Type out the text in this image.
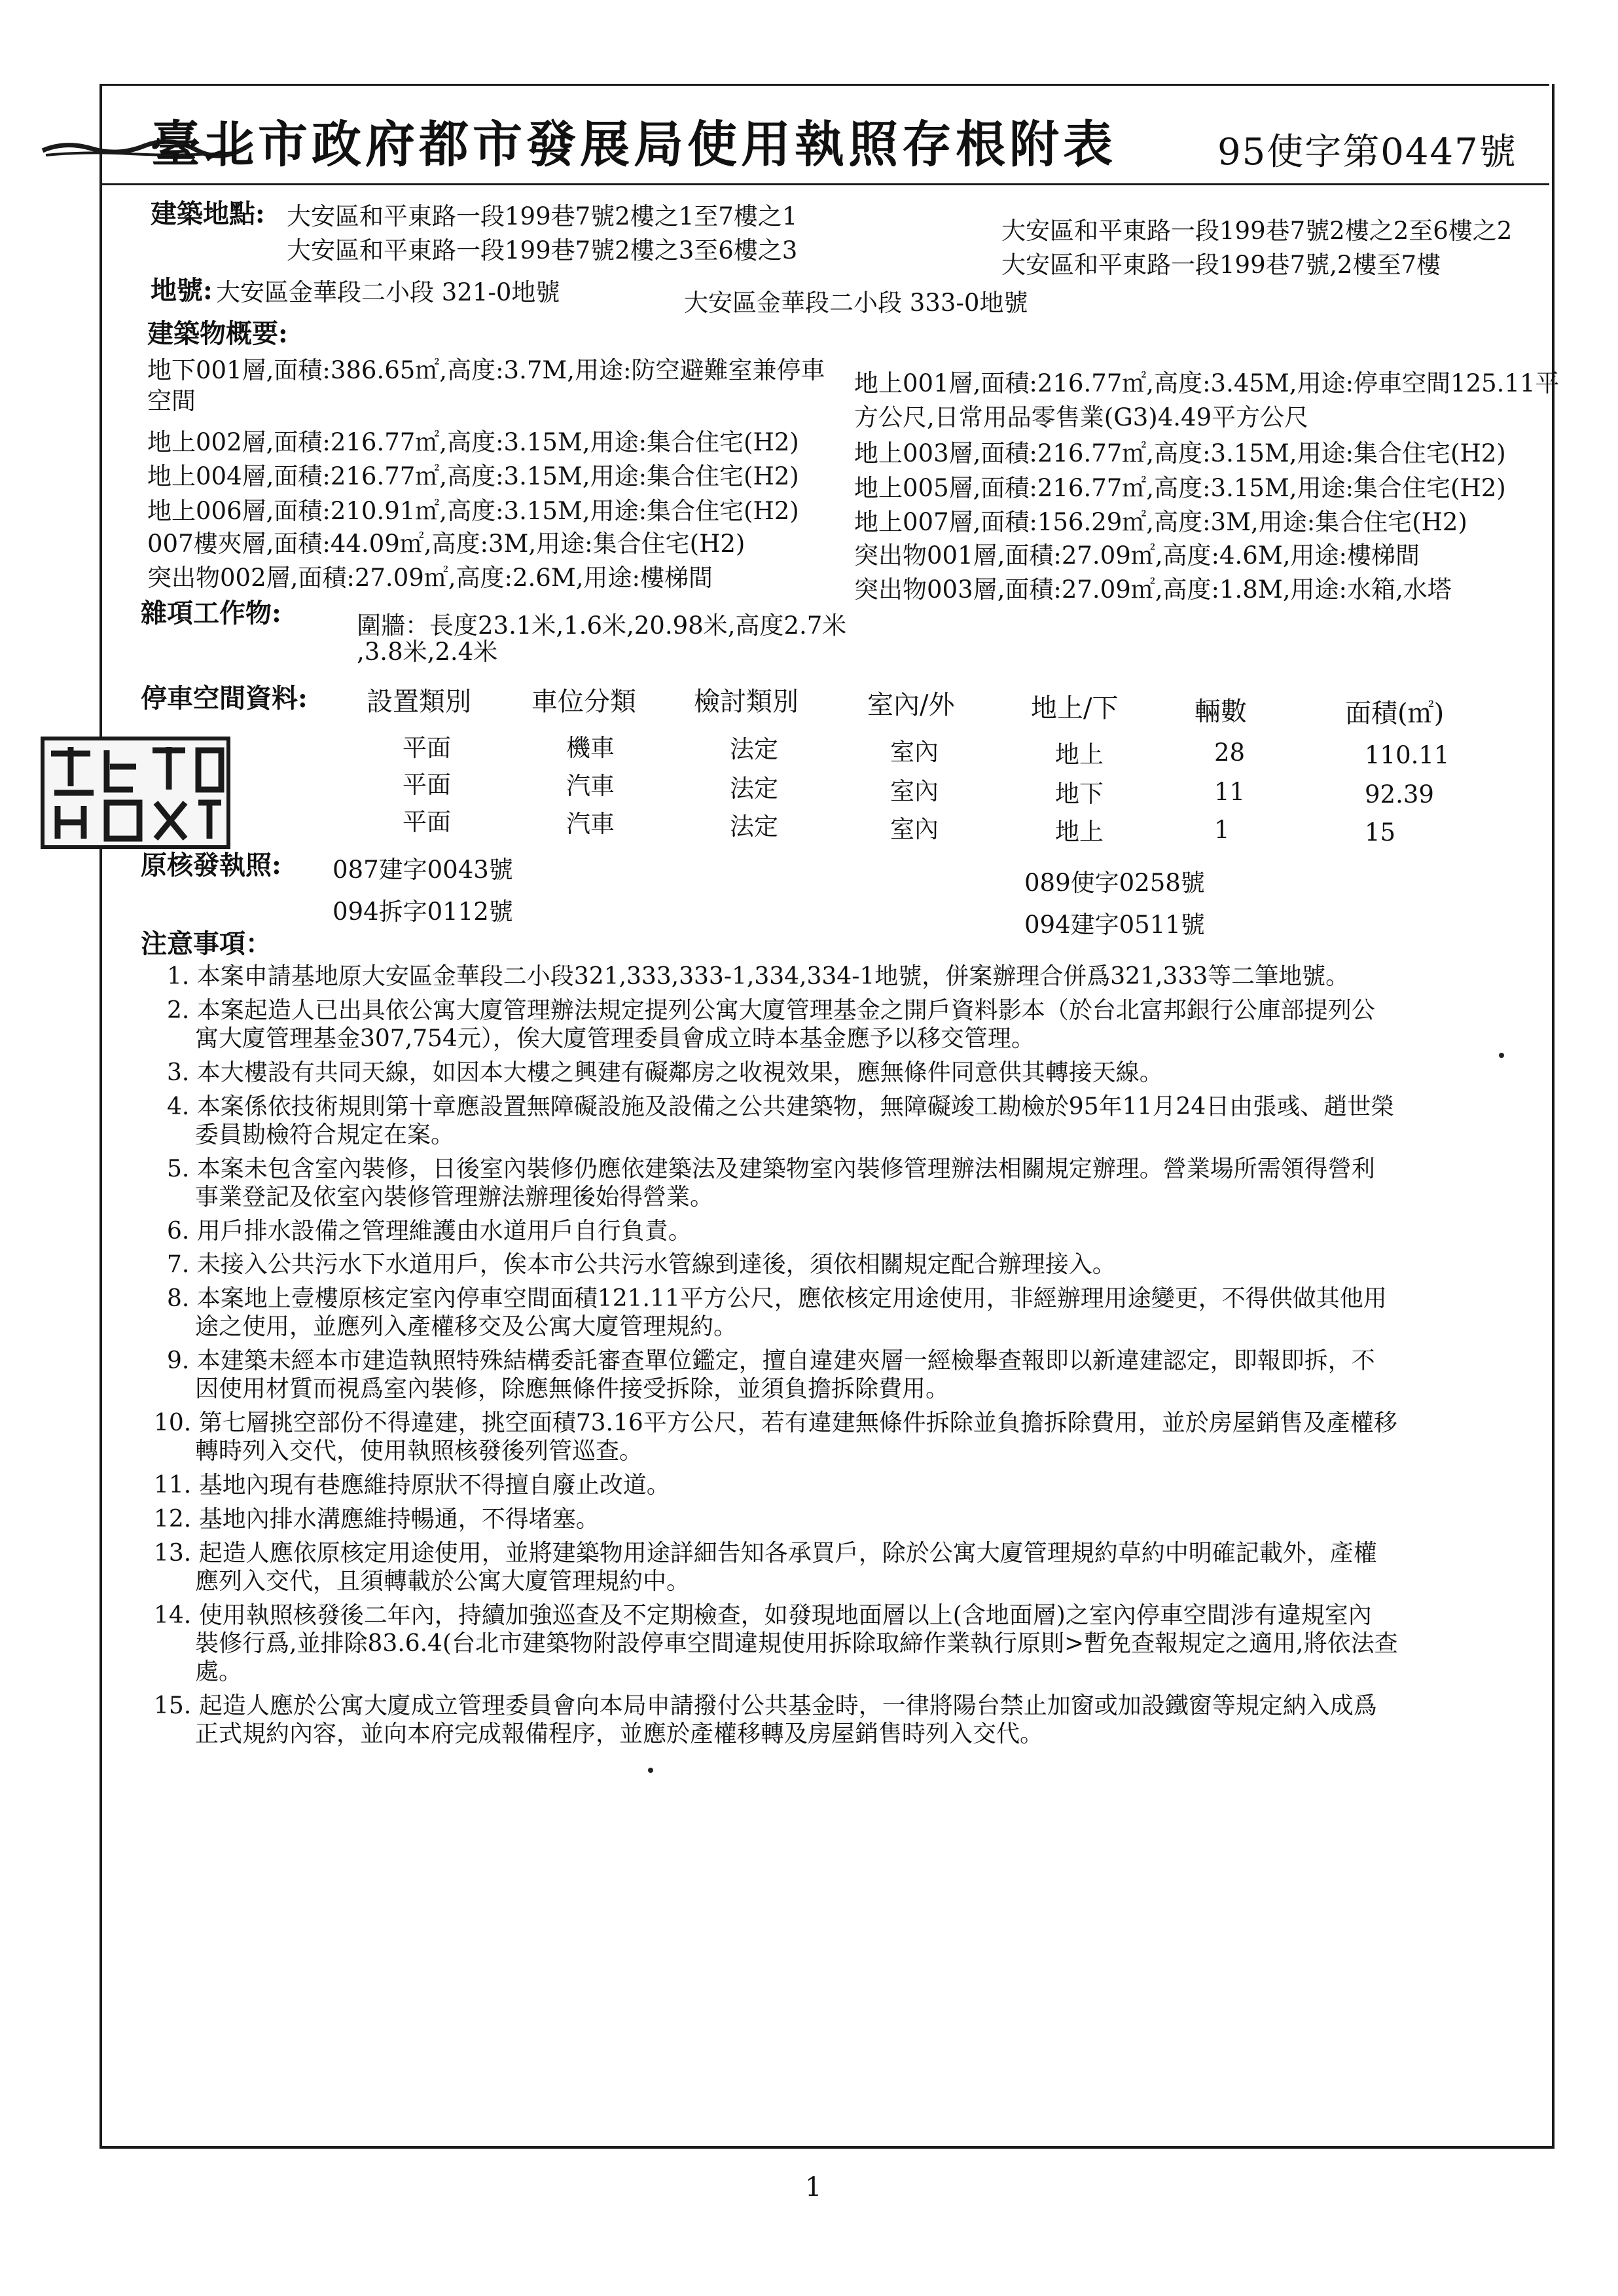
臺北市政府都市發展局使用執照存根附表	95使字第0447號
建築地點: 大安區和平東路一段199巷7號2樓之1至7樓之1
大安區和平東路一段199巷7號2樓之2至6樓之2
大安區和平東路一段199巷7號2樓之3至6樓之3
大安區和平東路一段199巷7號,2樓至7樓
地號: 大安區金華段二小段 321-0地號	大安區金華段二小段 333-0地號
建築物概要:
地下001層,面積:386.65㎡,高度:3.7M,用途:防空避難室兼停車
空間
地上002層,面積:216.77㎡,高度:3.15M,用途:集合住宅(H2)
地上004層,面積:216.77㎡,高度:3.15M,用途:集合住宅(H2)
地上006層,面積:210.91㎡,高度:3.15M,用途:集合住宅(H2)
007樓夾層,面積:44.09㎡,高度:3M,用途:集合住宅(H2)
突出物002層,面積:27.09㎡,高度:2.6M,用途:樓梯間
地上001層,面積:216.77㎡,高度:3.45M,用途:停車空間125.11平
方公尺,日常用品零售業(G3)4.49平方公尺
地上003層,面積:216.77㎡,高度:3.15M,用途:集合住宅(H2)
地上005層,面積:216.77㎡,高度:3.15M,用途:集合住宅(H2)
地上007層,面積:156.29㎡,高度:3M,用途:集合住宅(H2)
突出物001層,面積:27.09㎡,高度:4.6M,用途:樓梯間
突出物003層,面積:27.09㎡,高度:1.8M,用途:水箱,水塔
雜項工作物:	圍牆：長度23.1米,1.6米,20.98米,高度2.7米
,3.8米,2.4米
停車空間資料: 設置類別 車位分類 檢討類別	室內/外	地上/下	輛數	面積(㎡)
平面	機車	法定	室內	地上	28	110.11
平面	汽車	法定	室內	地下	11	92.39
平面	汽車	法定	室內	地上	1	15
原核發執照: 087建字0043號
094拆字0112號
089使字0258號
094建字0511號
注意事項：
1. 本案申請基地原大安區金華段二小段321,333,333-1,334,334-1地號，併案辦理合併爲321,333等二筆地號。
2. 本案起造人已出具依公寓大廈管理辦法規定提列公寓大廈管理基金之開戶資料影本（於台北富邦銀行公庫部提列公
寓大廈管理基金307,754元），俟大廈管理委員會成立時本基金應予以移交管理。
3. 本大樓設有共同天線，如因本大樓之興建有礙鄰房之收視效果，應無條件同意供其轉接天線。
4. 本案係依技術規則第十章應設置無障礙設施及設備之公共建築物，無障礙竣工勘檢於95年11月24日由張彧、趙世榮
委員勘檢符合規定在案。
5. 本案未包含室內裝修，日後室內裝修仍應依建築法及建築物室內裝修管理辦法相關規定辦理。營業場所需領得營利
事業登記及依室內裝修管理辦法辦理後始得營業。
6. 用戶排水設備之管理維護由水道用戶自行負責。
7. 未接入公共污水下水道用戶，俟本市公共污水管線到達後，須依相關規定配合辦理接入。
8. 本案地上壹樓原核定室內停車空間面積121.11平方公尺，應依核定用途使用，非經辦理用途變更，不得供做其他用
途之使用，並應列入產權移交及公寓大廈管理規約。
9. 本建築未經本市建造執照特殊結構委託審查單位鑑定，擅自違建夾層一經檢舉查報即以新違建認定，即報即拆，不
因使用材質而視爲室內裝修，除應無條件接受拆除，並須負擔拆除費用。
10. 第七層挑空部份不得違建，挑空面積73.16平方公尺，若有違建無條件拆除並負擔拆除費用，並於房屋銷售及產權移
轉時列入交代，使用執照核發後列管巡查。
11. 基地內現有巷應維持原狀不得擅自廢止改道。
12. 基地內排水溝應維持暢通，不得堵塞。
13. 起造人應依原核定用途使用，並將建築物用途詳細告知各承買戶，除於公寓大廈管理規約草約中明確記載外，產權
應列入交代，且須轉載於公寓大廈管理規約中。
14. 使用執照核發後二年內，持續加強巡查及不定期檢查，如發現地面層以上(含地面層)之室內停車空間涉有違規室內
裝修行爲,並排除83.6.4(台北市建築物附設停車空間違規使用拆除取締作業執行原則>暫免查報規定之適用,將依法查
處。
15. 起造人應於公寓大廈成立管理委員會向本局申請撥付公共基金時，一律將陽台禁止加窗或加設鐵窗等規定納入成爲
正式規約內容，並向本府完成報備程序，並應於產權移轉及房屋銷售時列入交代。
1
